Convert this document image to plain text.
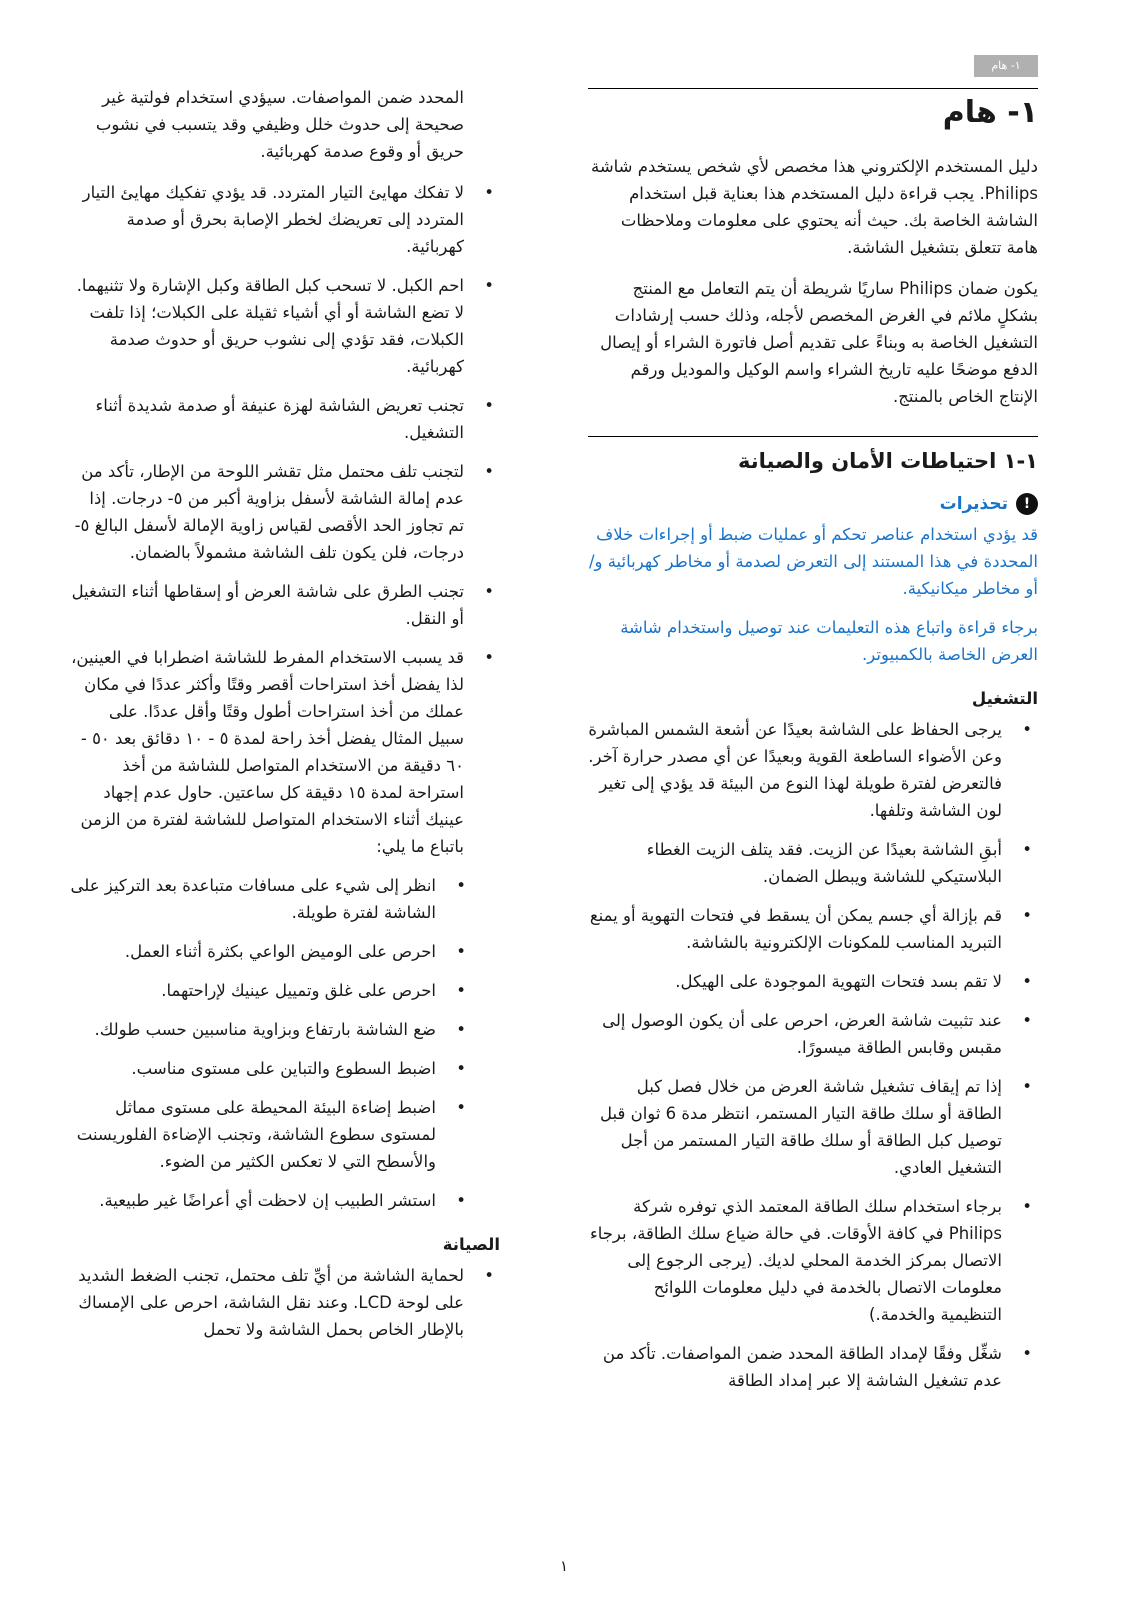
١- هام
١- هام

دليل المستخدم الإلكتروني هذا مخصص لأي شخص يستخدم شاشة Philips. يجب قراءة دليل المستخدم هذا بعناية قبل استخدام الشاشة الخاصة بك. حيث أنه يحتوي على معلومات وملاحظات هامة تتعلق بتشغيل الشاشة.

يكون ضمان Philips ساريًا شريطة أن يتم التعامل مع المنتج بشكلٍ ملائم في الغرض المخصص لأجله، وذلك حسب إرشادات التشغيل الخاصة به وبناءً على تقديم أصل فاتورة الشراء أو إيصال الدفع موضحًا عليه تاريخ الشراء واسم الوكيل والموديل ورقم الإنتاج الخاص بالمنتج.

١-١ احتياطات الأمان والصيانة
!
تحذيرات

قد يؤدي استخدام عناصر تحكم أو عمليات ضبط أو إجراءات خلاف المحددة في هذا المستند إلى التعرض لصدمة أو مخاطر كهربائية و/أو مخاطر ميكانيكية.

برجاء قراءة واتباع هذه التعليمات عند توصيل واستخدام شاشة العرض الخاصة بالكمبيوتر.

التشغيل
• يرجى الحفاظ على الشاشة بعيدًا عن أشعة الشمس المباشرة وعن الأضواء الساطعة القوية وبعيدًا عن أي مصدر حرارة آخر. فالتعرض لفترة طويلة لهذا النوع من البيئة قد يؤدي إلى تغير لون الشاشة وتلفها.
• أبقِ الشاشة بعيدًا عن الزيت. فقد يتلف الزيت الغطاء البلاستيكي للشاشة ويبطل الضمان.
• قم بإزالة أي جسم يمكن أن يسقط في فتحات التهوية أو يمنع التبريد المناسب للمكونات الإلكترونية بالشاشة.
• لا تقم بسد فتحات التهوية الموجودة على الهيكل.
• عند تثبيت شاشة العرض، احرص على أن يكون الوصول إلى مقبس وقابس الطاقة ميسورًا.
• إذا تم إيقاف تشغيل شاشة العرض من خلال فصل كبل الطاقة أو سلك طاقة التيار المستمر، انتظر مدة 6 ثوان قبل توصيل كبل الطاقة أو سلك طاقة التيار المستمر من أجل التشغيل العادي.
• برجاء استخدام سلك الطاقة المعتمد الذي توفره شركة Philips في كافة الأوقات. في حالة ضياع سلك الطاقة، برجاء الاتصال بمركز الخدمة المحلي لديك. (يرجى الرجوع إلى معلومات الاتصال بالخدمة في دليل معلومات اللوائح التنظيمية والخدمة.)
• شغِّل وفقًا لإمداد الطاقة المحدد ضمن المواصفات. تأكد من عدم تشغيل الشاشة إلا عبر إمداد الطاقة

المحدد ضمن المواصفات. سيؤدي استخدام فولتية غير صحيحة إلى حدوث خلل وظيفي وقد يتسبب في نشوب حريق أو وقوع صدمة كهربائية.

• لا تفكك مهايئ التيار المتردد. قد يؤدي تفكيك مهايئ التيار المتردد إلى تعريضك لخطر الإصابة بحرق أو صدمة كهربائية.
• احم الكبل. لا تسحب كبل الطاقة وكبل الإشارة ولا تثنيهما. لا تضع الشاشة أو أي أشياء ثقيلة على الكبلات؛ إذا تلفت الكبلات، فقد تؤدي إلى نشوب حريق أو حدوث صدمة كهربائية.
• تجنب تعريض الشاشة لهزة عنيفة أو صدمة شديدة أثناء التشغيل.
• لتجنب تلف محتمل مثل تقشر اللوحة من الإطار، تأكد من عدم إمالة الشاشة لأسفل بزاوية أكبر من ٥- درجات. إذا تم تجاوز الحد الأقصى لقياس زاوية الإمالة لأسفل البالغ ٥- درجات، فلن يكون تلف الشاشة مشمولاً بالضمان.
• تجنب الطرق على شاشة العرض أو إسقاطها أثناء التشغيل أو النقل.
• قد يسبب الاستخدام المفرط للشاشة اضطرابا في العينين، لذا يفضل أخذ استراحات أقصر وقتًا وأكثر عددًا في مكان عملك من أخذ استراحات أطول وقتًا وأقل عددًا. على سبيل المثال يفضل أخذ راحة لمدة ٥ - ١٠ دقائق بعد ٥٠ - ٦٠ دقيقة من الاستخدام المتواصل للشاشة من أخذ استراحة لمدة ١٥ دقيقة كل ساعتين. حاول عدم إجهاد عينيك أثناء الاستخدام المتواصل للشاشة لفترة من الزمن باتباع ما يلي:
• انظر إلى شيء على مسافات متباعدة بعد التركيز على الشاشة لفترة طويلة.
• احرص على الوميض الواعي بكثرة أثناء العمل.
• احرص على غلق وتمييل عينيك لإراحتهما.
• ضع الشاشة بارتفاع وبزاوية مناسبين حسب طولك.
• اضبط السطوع والتباين على مستوى مناسب.
• اضبط إضاءة البيئة المحيطة على مستوى مماثل لمستوى سطوع الشاشة، وتجنب الإضاءة الفلوريسنت والأسطح التي لا تعكس الكثير من الضوء.
• استشر الطبيب إن لاحظت أي أعراضًا غير طبيعية.
الصيانة
• لحماية الشاشة من أيِّ تلف محتمل، تجنب الضغط الشديد على لوحة LCD. وعند نقل الشاشة، احرص على الإمساك بالإطار الخاص بحمل الشاشة ولا تحمل
١
